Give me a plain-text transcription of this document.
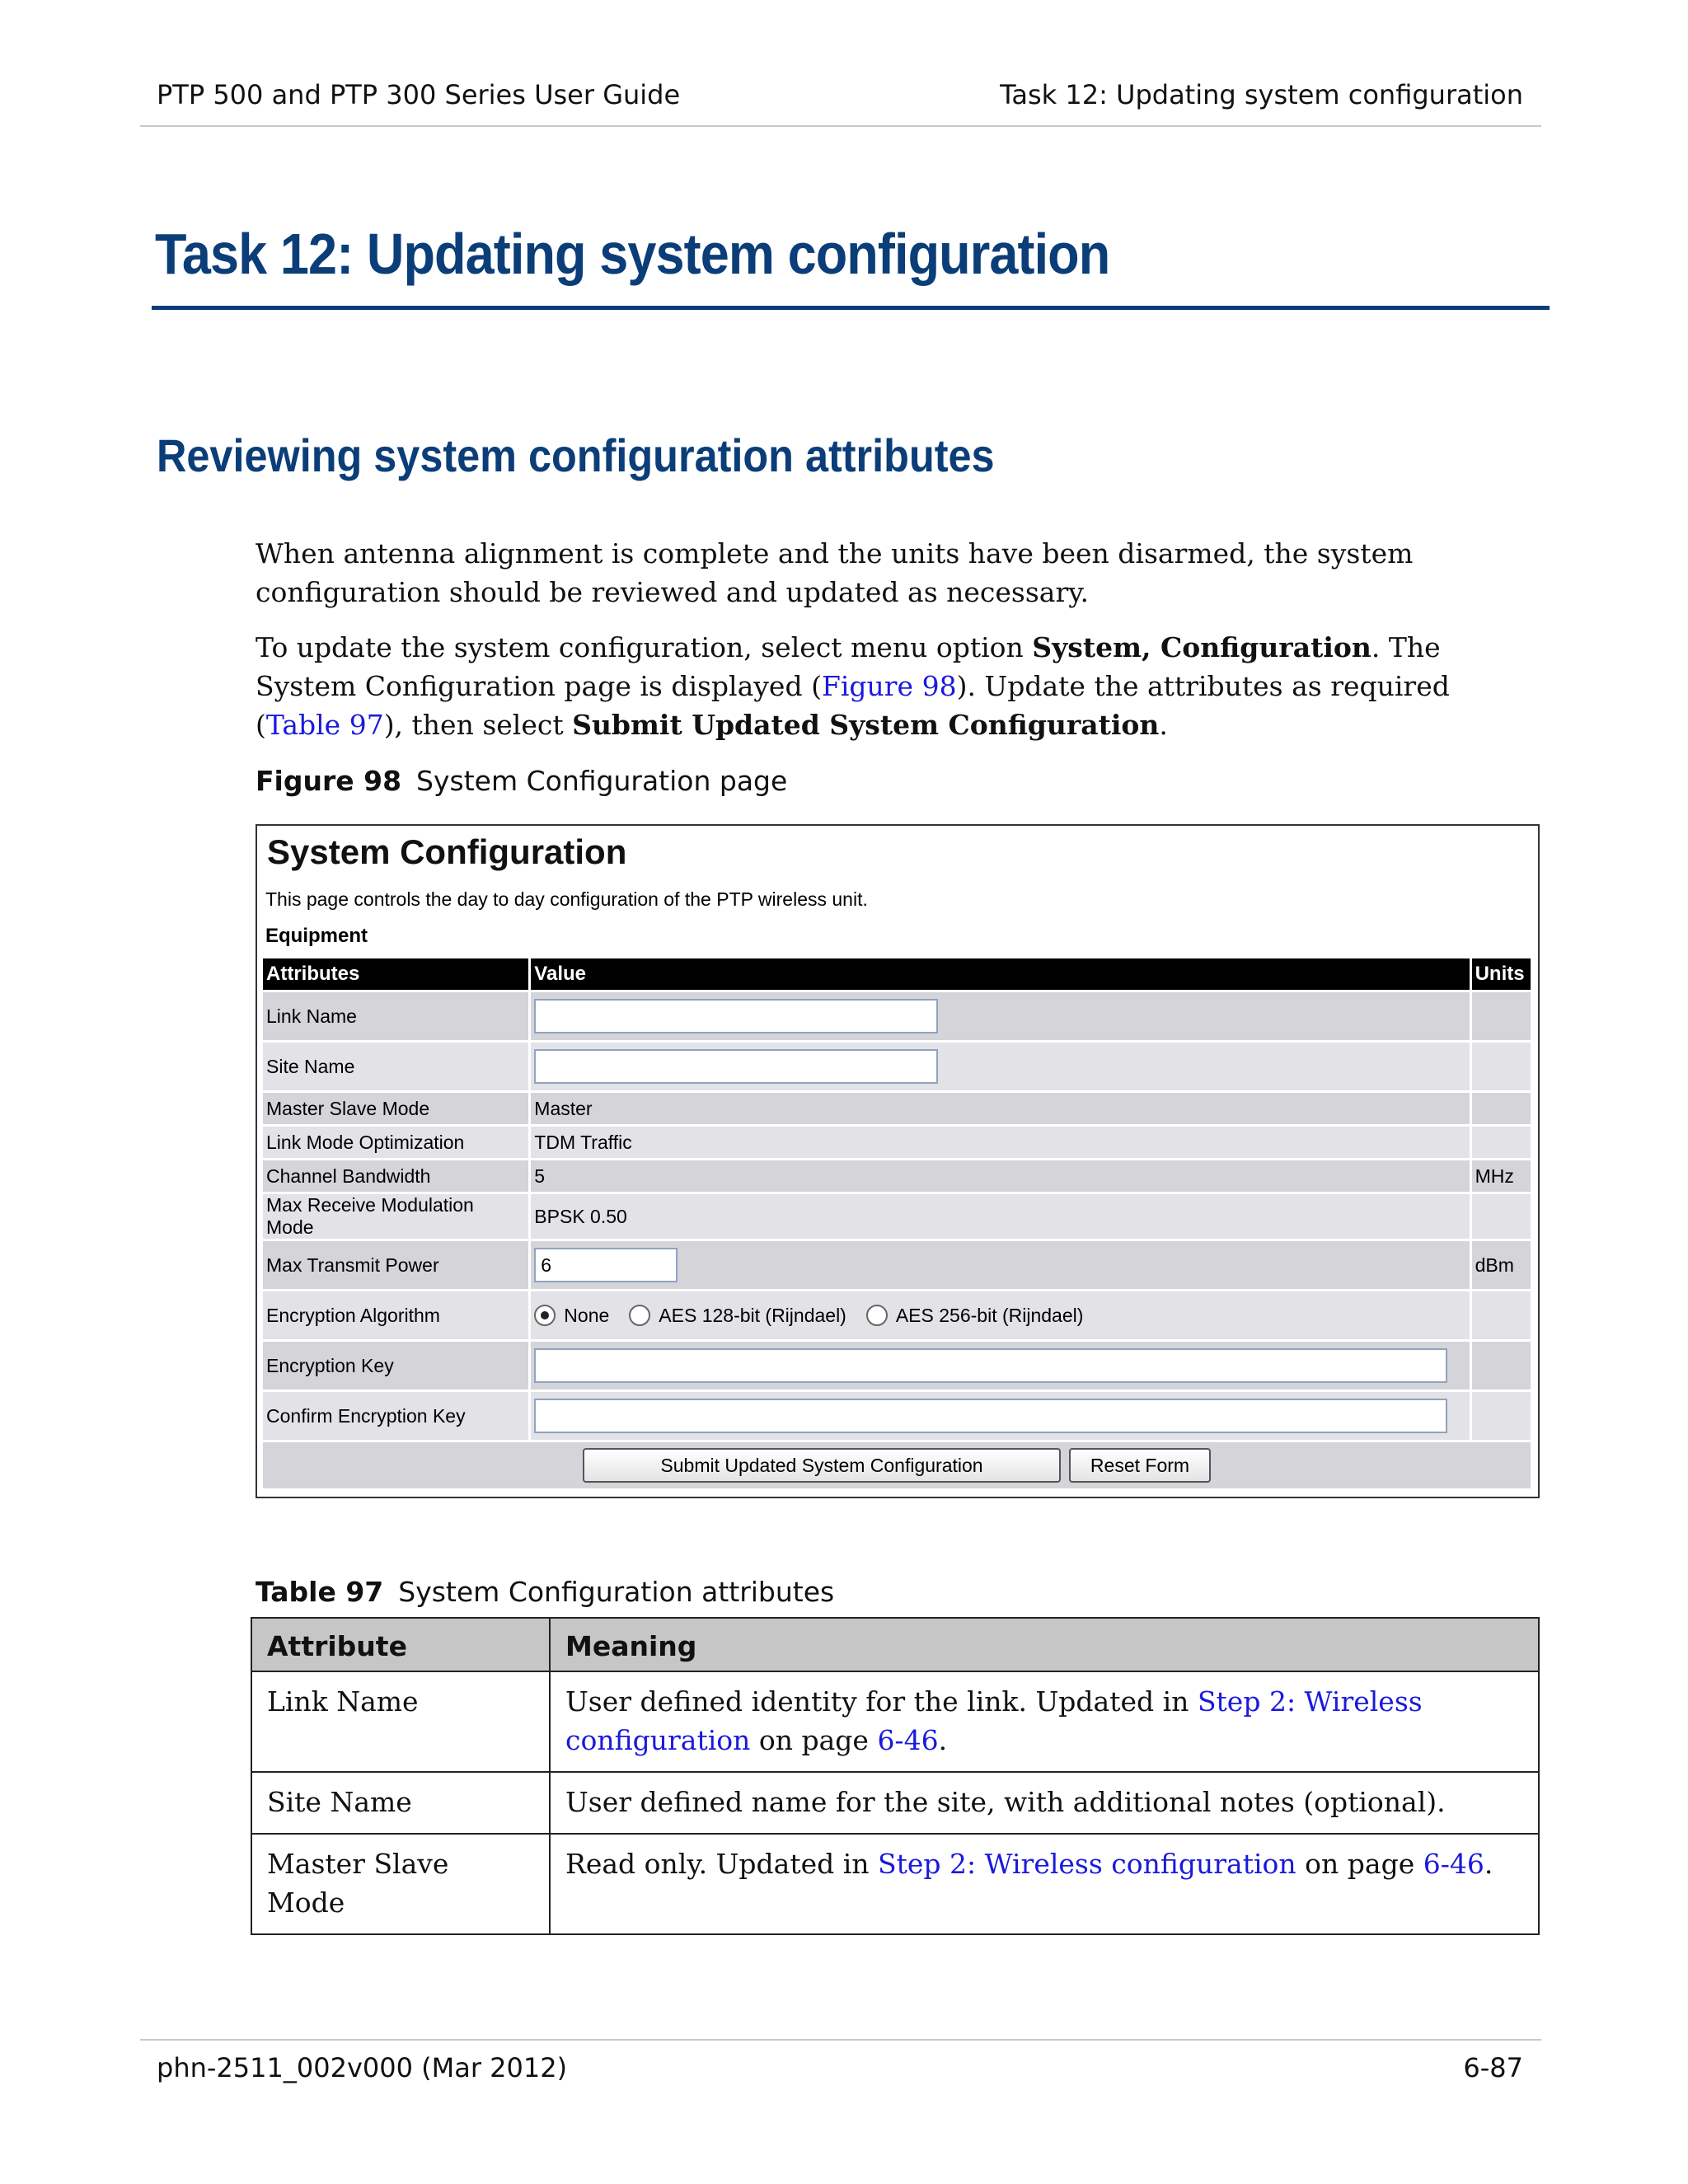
PTP 500 and PTP 300 Series User Guide	Task 12: Updating system configuration
Task 12: Updating system configuration
Reviewing system configuration attributes

When antenna alignment is complete and the units have been disarmed, the system configuration should be reviewed and updated as necessary.

To update the system configuration, select menu option System, Configuration. The System Configuration page is displayed (Figure 98). Update the attributes as required (Table 97), then select Submit Updated System Configuration.

Figure 98 System Configuration page
System Configuration
This page controls the day to day configuration of the PTP wireless unit.
Equipment
Attributes	Value	Units
Link Name		
Site Name		
Master Slave Mode	Master	
Link Mode Optimization	TDM Traffic	
Channel Bandwidth	5	MHz
Max Receive Modulation Mode	BPSK 0.50	
Max Transmit Power	6	dBm
Encryption Algorithm	None AES 128-bit (Rijndael) AES 256-bit (Rijndael)	

Encryption Key		
Confirm Encryption Key		
Submit Updated System Configuration Reset Form		
Table 97 System Configuration attributes
Attribute	Meaning
Link Name	User defined identity for the link. Updated in Step 2: Wireless configuration on page 6-46.
Site Name	User defined name for the site, with additional notes (optional).
Master Slave Mode	Read only. Updated in Step 2: Wireless configuration on page 6-46.
phn-2511_002v000 (Mar 2012)	6-87
